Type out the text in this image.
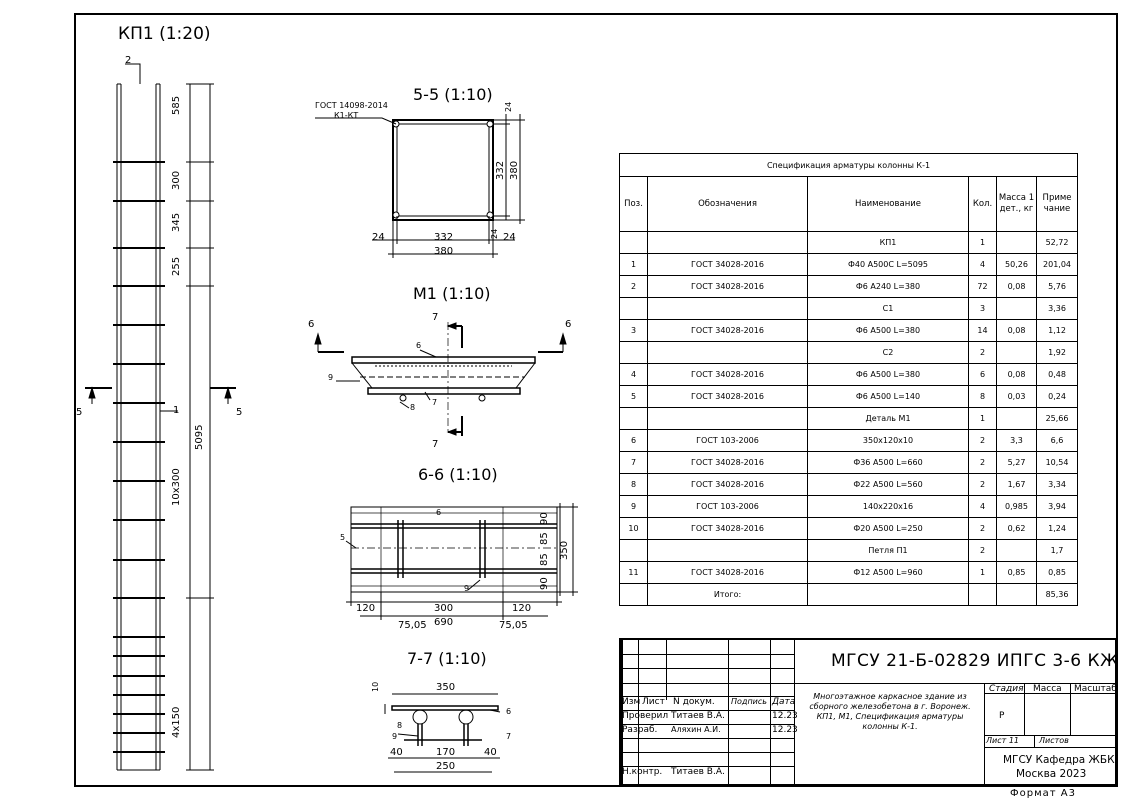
КП1 (1:20)
2
1
5	5
585
300
345
255
10х300
4х150
5095
5-5 (1:10)
ГОСТ 14098-2014
К1-КТ
24
332 380
24	332	24 24
380
М1 (1:10)
7
7
6	6
6
9
8
7
6-6 (1:10)
6
5
9
90
85
85
90
350
120	300	120
75,05 690	75,05
7-7 (1:10)
10	350
6
8
9	7
40	170	40
250
Спецификация арматуры колонны К-1					
Поз.	Обозначения	Наименование	Кол.	Масса 1 дет., кг	Приме чание
		КП1	1		52,72
1	ГОСТ 34028-2016	Ф40 А500С L=5095	4	50,26	201,04
2	ГОСТ 34028-2016	Ф6 А240 L=380	72	0,08	5,76
		С1	3		3,36
3	ГОСТ 34028-2016	Ф6 А500 L=380	14	0,08	1,12
		С2	2		1,92
4	ГОСТ 34028-2016	Ф6 А500 L=380	6	0,08	0,48
5	ГОСТ 34028-2016	Ф6 А500 L=140	8	0,03	0,24
		Деталь М1	1		25,66
6	ГОСТ 103-2006	350х120х10	2	3,3	6,6
7	ГОСТ 34028-2016	Ф36 А500 L=660	2	5,27	10,54
8	ГОСТ 34028-2016	Ф22 А500 L=560	2	1,67	3,34
9	ГОСТ 103-2006	140х220х16	4	0,985	3,94
10	ГОСТ 34028-2016	Ф20 А500 L=250	2	0,62	1,24
		Петля П1	2		1,7
11	ГОСТ 34028-2016	Ф12 А500 L=960	1	0,85	0,85
	Итого:				85,36
МГСУ 21-Б-02829 ИПГС 3-6 КЖ
Изм Лист N докум. Подпись Дата
Проверил Титаев В.А.	12.23
Разраб. Аляхин А.И.	12.23
Н.контр. Титаев В.А.
Многоэтажное каркасное здание из сборного железобетона в г. Воронеж. КП1, М1, Спецификация арматуры колонны К-1.
Стадия Масса Масштаб
Р
Лист 11	Листов
МГСУ Кафедра ЖБК
Москва 2023
Формат А3
